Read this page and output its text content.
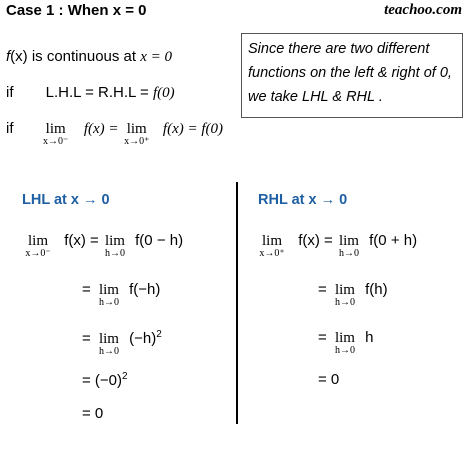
Case 1 : When x = 0	teachoo.com
Since there are two different functions on the left & right of 0, we take LHL & RHL .
f(x) is continuous at x = 0
if L.H.L = R.H.L = f(0)
if lim
x→0⁻
f(x) = lim
x→0⁺
f(x) = f(0)
LHL at x → 0
lim
x→0⁻
f(x) = lim
h→0
f(0 − h)
= lim
h→0
f(−h)
= lim
h→0
$(-h)^2$
= $(-0)^2$
= 0
RHL at x → 0
lim
x→0⁺
f(x) = lim
h→0
f(0 + h)
= lim
h→0
f(h)
= lim
h→0
h
= 0
